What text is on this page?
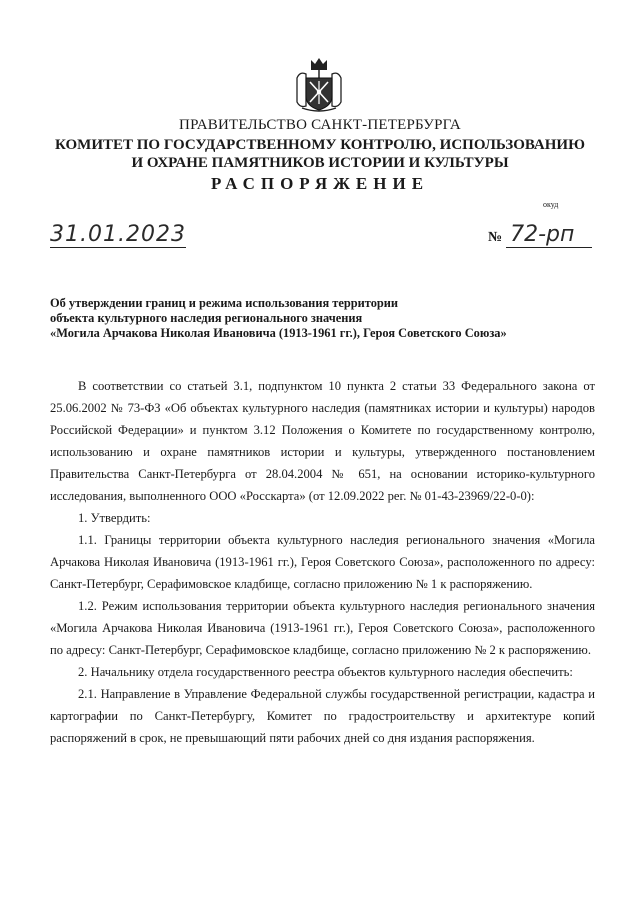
ПРАВИТЕЛЬСТВО САНКТ-ПЕТЕРБУРГА
КОМИТЕТ ПО ГОСУДАРСТВЕННОМУ КОНТРОЛЮ, ИСПОЛЬЗОВАНИЮ
И ОХРАНЕ ПАМЯТНИКОВ ИСТОРИИ И КУЛЬТУРЫ
РАСПОРЯЖЕНИЕ
окуд
31.01.2023	№ 72-рп
Об утверждении границ и режима использования территории
объекта культурного наследия регионального значения
«Могила Арчакова Николая Ивановича (1913-1961 гг.), Героя Советского Союза»

В соответствии со статьей 3.1, подпунктом 10 пункта 2 статьи 33 Федерального закона от 25.06.2002 № 73-ФЗ «Об объектах культурного наследия (памятниках истории и культуры) народов Российской Федерации» и пунктом 3.12 Положения о Комитете по государственному контролю, использованию и охране памятников истории и культуры, утвержденного постановлением Правительства Санкт-Петербурга от 28.04.2004 № 651, на основании историко-культурного исследования, выполненного ООО «Росскарта» (от 12.09.2022 рег. № 01-43-23969/22-0-0):

1. Утвердить:

1.1. Границы территории объекта культурного наследия регионального значения «Могила Арчакова Николая Ивановича (1913-1961 гг.), Героя Советского Союза», расположенного по адресу: Санкт-Петербург, Серафимовское кладбище, согласно приложению № 1 к распоряжению.

1.2. Режим использования территории объекта культурного наследия регионального значения «Могила Арчакова Николая Ивановича (1913-1961 гг.), Героя Советского Союза», расположенного по адресу: Санкт-Петербург, Серафимовское кладбище, согласно приложению № 2 к распоряжению.

2. Начальнику отдела государственного реестра объектов культурного наследия обеспечить:

2.1. Направление в Управление Федеральной службы государственной регистрации, кадастра и картографии по Санкт-Петербургу, Комитет по градостроительству и архитектуре копий распоряжений в срок, не превышающий пяти рабочих дней со дня издания распоряжения.
